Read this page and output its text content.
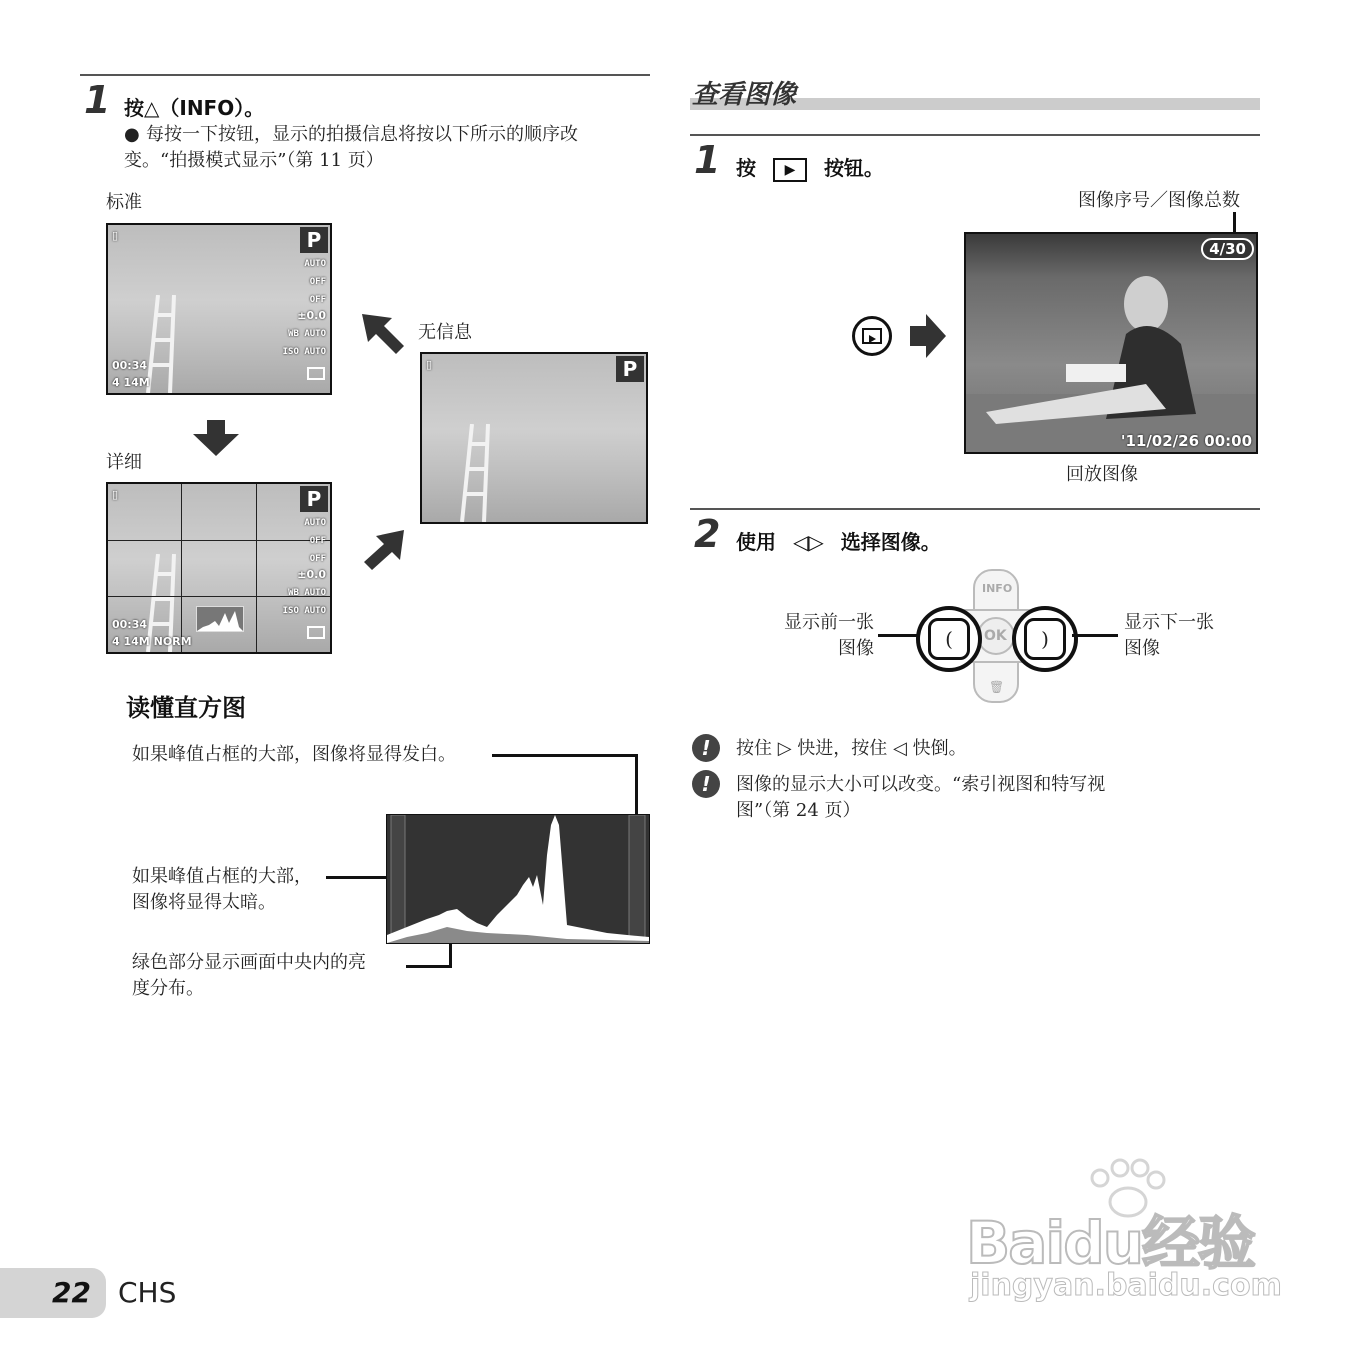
1 按△（INFO）。
● 每按一下按钮，显示的拍摄信息将按以下所示的顺序改变。“拍摄模式显示”（第 11 页）
标准
P
▯
AUTO
OFF
OFF
±0.0
WB AUTO
ISO AUTO
00:34
4 14M
详细
P
▯
AUTO
OFF
OFF
±0.0
WB AUTO
ISO AUTO
00:34
4 14M NORM
无信息
P
▯
读懂直方图
如果峰值占框的大部，图像将显得发白。
如果峰值占框的大部，
图像将显得太暗。
绿色部分显示画面中央内的亮
度分布。
查看图像
1 按 ▶ 按钮。
图像序号／图像总数
4/30
'11/02/26 00:00
回放图像
2 使用 ◁▷ 选择图像。
INFO
OK
🗑
(	)
显示前一张
图像
显示下一张
图像
!	按住 ▷ 快进，按住 ◁ 快倒。
!	图像的显示大小可以改变。“索引视图和特写视
图”（第 24 页）
22 CHS
Baidu经验
jingyan.baidu.com
